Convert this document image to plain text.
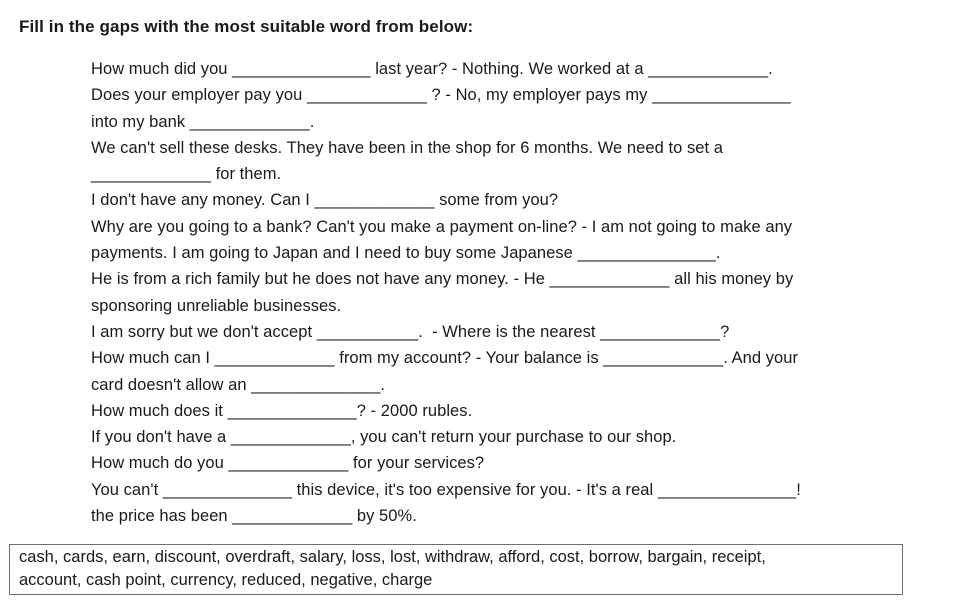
Fill in the gaps with the most suitable word from below:
How much did you _______________ last year? - Nothing. We worked at a _____________.
Does your employer pay you _____________ ? - No, my employer pays my _______________
into my bank _____________.
We can't sell these desks. They have been in the shop for 6 months. We need to set a
_____________ for them.
I don't have any money. Can I _____________ some from you?
Why are you going to a bank? Can't you make a payment on-line? - I am not going to make any
payments. I am going to Japan and I need to buy some Japanese _______________.
He is from a rich family but he does not have any money. - He _____________ all his money by
sponsoring unreliable businesses.
I am sorry but we don't accept ___________.  - Where is the nearest _____________?
How much can I _____________ from my account? - Your balance is _____________. And your
card doesn't allow an ______________.
How much does it ______________? - 2000 rubles.
If you don't have a _____________, you can't return your purchase to our shop.
How much do you _____________ for your services?
You can't ______________ this device, it's too expensive for you. - It's a real _______________!
the price has been _____________ by 50%.
cash, cards, earn, discount, overdraft, salary, loss, lost, withdraw, afford, cost, borrow, bargain, receipt,
account, cash point, currency, reduced, negative, charge
